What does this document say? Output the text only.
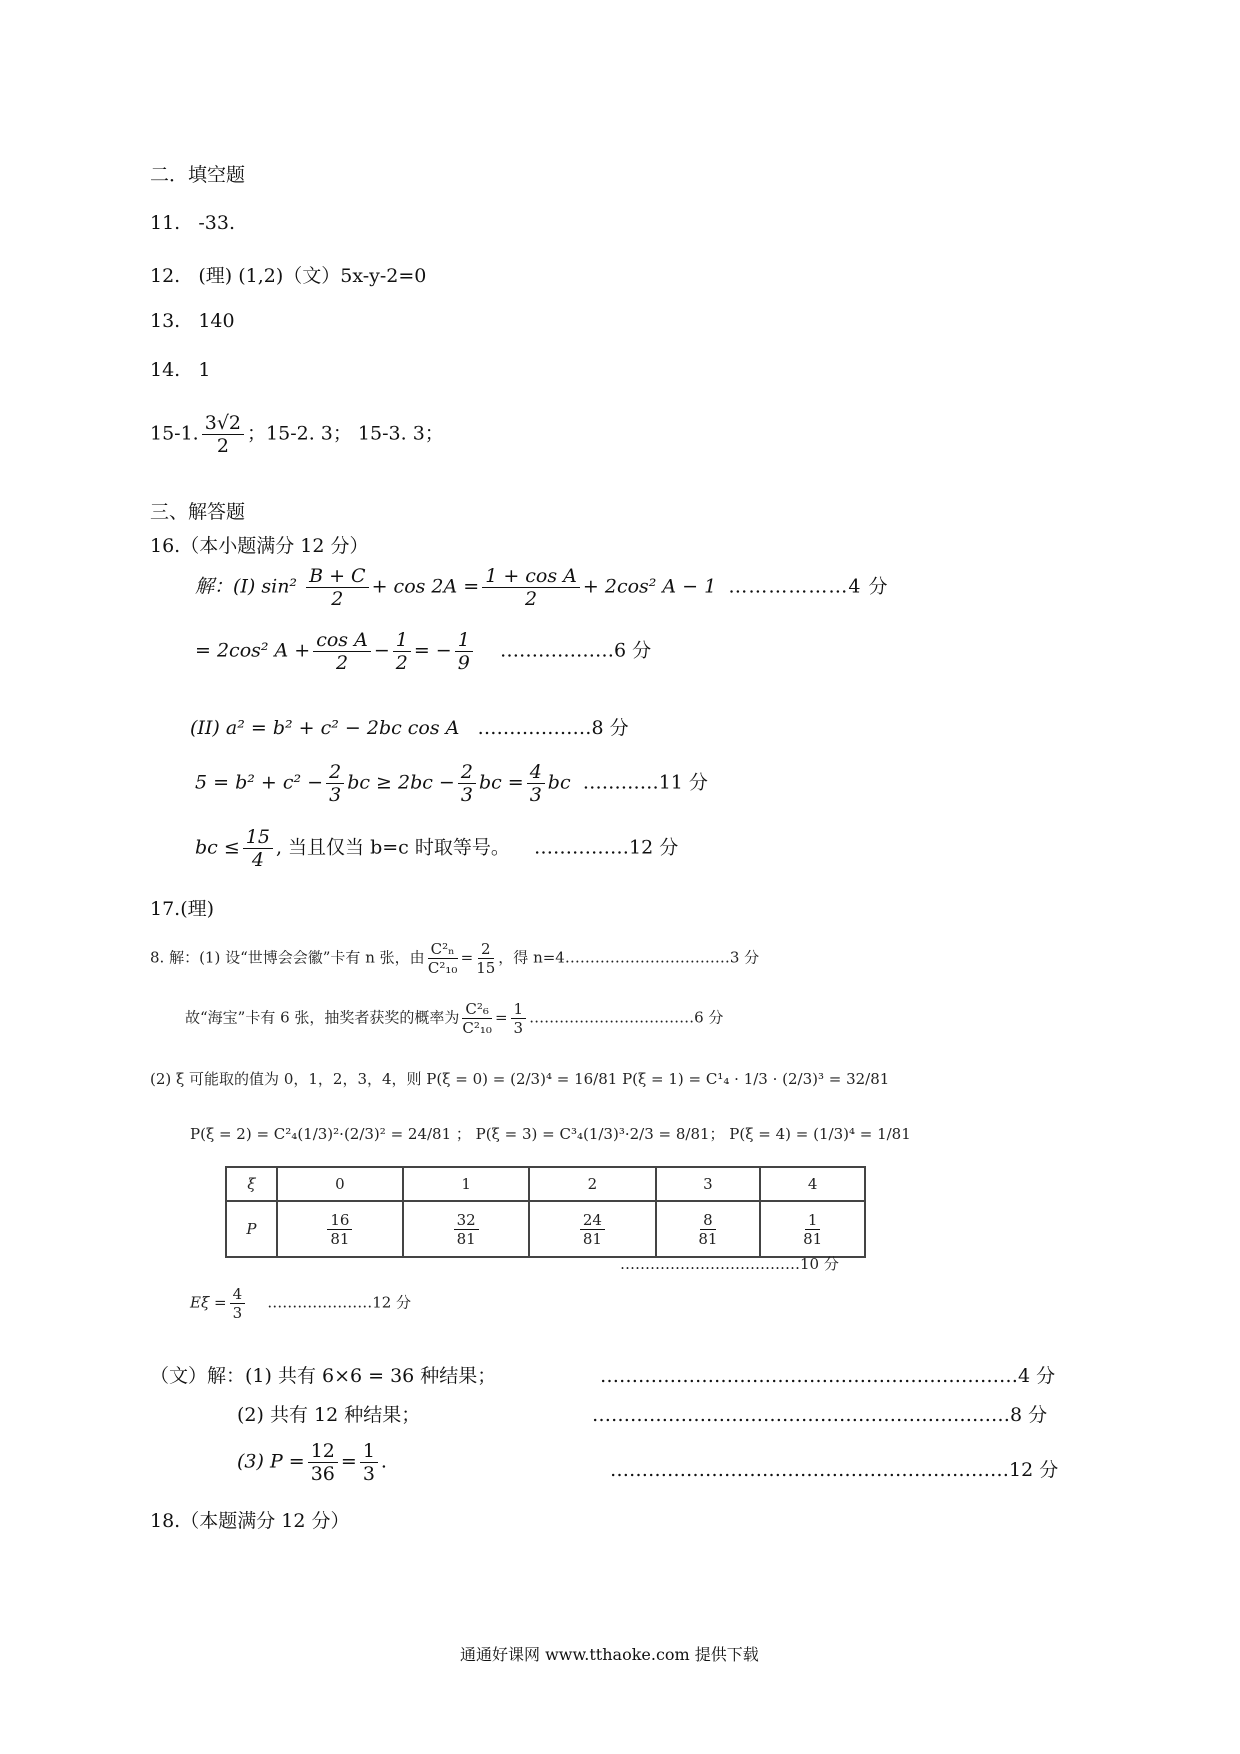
二．填空题
11. -33.
12. (理) (1,2)（文）5x-y-2=0
13. 140
14. 1
15-1. $\frac{3√2}{2}$ ；15-2. 3； 15-3. 3；
三、解答题
16.（本小题满分 12 分）
解：(I) $\sin^2 \frac{B + C}{2} + \cos 2A = \frac{\text{1 + cos A}}{2} + 2\cos^2$ A − 1 ………………4 分
= 2cos² $A + \frac{\text{cos A}}{2} - \frac{1}{2}$ = − $\frac{1}{9}$ ………………6 分
(II) a² = b² + c² − 2bc cos A ………………8 分
$5 = b^2 + c^2 - \frac{2}{3}$ bc ≥ $2bc - \frac{2}{3}$ bc = $\frac{4}{3}$ bc …………11 分
bc ≤ $\frac{15}{4}$ , 当且仅当 b=c 时取等号。 ……………12 分
17.(理)
8. 解：(1) 设“世博会会徽”卡有 n 张，由 $\frac{\text{C²ₙ}}{\text{C²₁₀}} = \frac{2}{15}$ ，得 n=4……………………………3 分
故“海宝”卡有 6 张，抽奖者获奖的概率为 $\frac{\text{C²₆}}{\text{C²₁₀}} = \frac{1}{3}$ ……………………………6 分
(2) ξ 可能取的值为 0，1，2，3，4，则 P(ξ = 0) = (2/3)⁴ = 16/81 P(ξ = 1) = C¹₄ · 1/3 · (2/3)³ = 32/81
P(ξ = 2) = C²₄(1/3)²·(2/3)² = 24/81 ； P(ξ = 3) = C³₄(1/3)³·2/3 = 8/81； P(ξ = 4) = (1/3)⁴ = 1/81
ξ	0	1	2	3	4
P	$\frac{16}{81}$	$\frac{32}{81}$	$\frac{24}{81}$	$\frac{8}{81}$	$\frac{1}{81}$
………………………………10 分
$E\xi = \frac{4}{3}$ …………………12 分
（文）解：(1) 共有 6×6 = 36 种结果；	…………………………………………………………4 分
(2) 共有 12 种结果；	…………………………………………………………8 分
(3) $P = \frac{12}{36} = \frac{1}{3}$ .	………………………………………………………12 分
18.（本题满分 12 分）
通通好课网 www.tthaoke.com 提供下载
